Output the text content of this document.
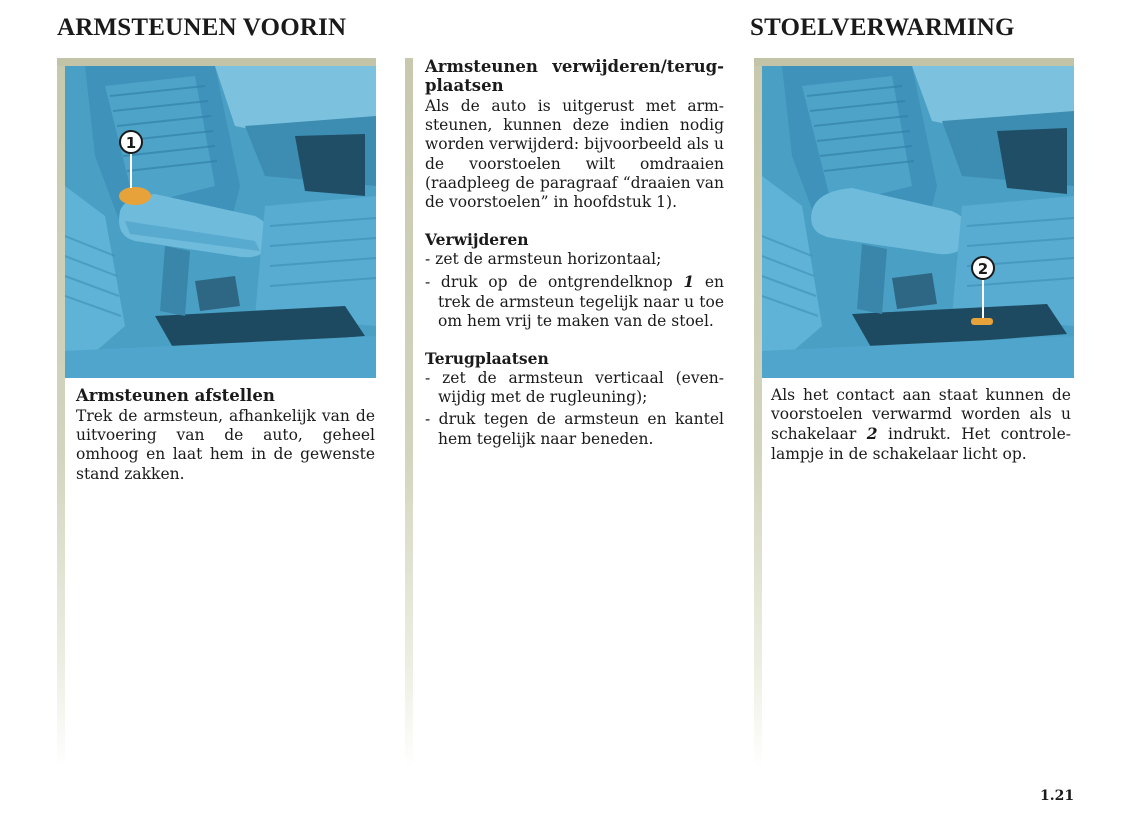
ARMSTEUNEN VOORIN	STOELVERWARMING
1
Armsteunen afstellen

Trek de armsteun, afhankelijk van de uitvoering van de auto, geheel omhoog en laat hem in de gewenste stand zakken.

Armsteunen verwijderen/terug-plaatsen

Als de auto is uitgerust met arm-steunen, kunnen deze indien nodig worden verwijderd: bijvoorbeeld als u de voorstoelen wilt omdraaien (raadpleeg de paragraaf “draaien van de voorstoelen” in hoofdstuk 1).

Verwijderen
- zet de armsteun horizontaal;
- druk op de ontgrendelknop 1 en trek de armsteun tegelijk naar u toe om hem vrij te maken van de stoel.
Terugplaatsen
- zet de armsteun verticaal (even-wijdig met de rugleuning);
- druk tegen de armsteun en kantel hem tegelijk naar beneden.
2

Als het contact aan staat kunnen de voorstoelen verwarmd worden als u schakelaar 2 indrukt. Het controle-lampje in de schakelaar licht op.

1.21
